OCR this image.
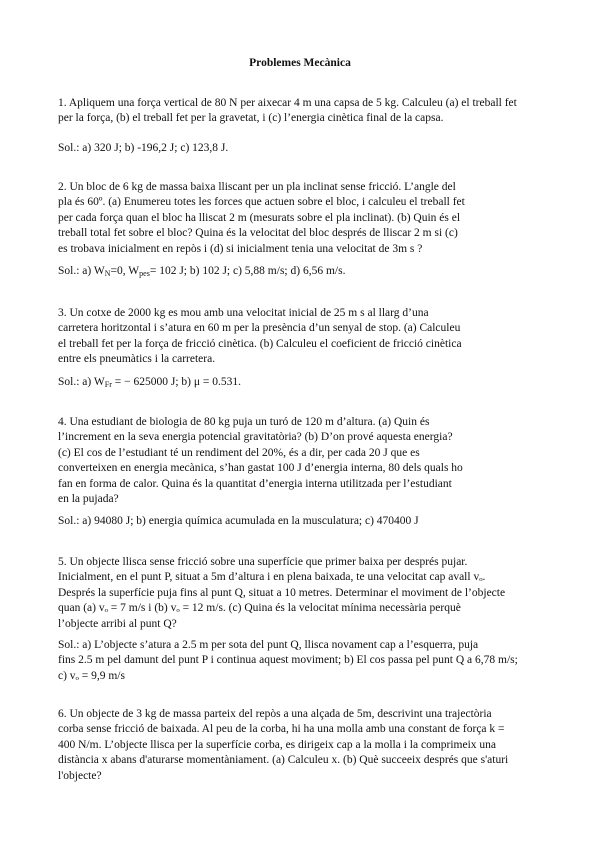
Problemes Mecànica
1. Apliquem una força vertical de 80 N per aixecar 4 m una capsa de 5 kg. Calculeu (a) el treball fet
per la força, (b) el treball fet per la gravetat, i (c) l’energia cinètica final de la capsa.
Sol.: a) 320 J; b) -196,2 J; c) 123,8 J.
2. Un bloc de 6 kg de massa baixa lliscant per un pla inclinat sense fricció. L’angle del
pla és 60º. (a) Enumereu totes les forces que actuen sobre el bloc, i calculeu el treball fet
per cada força quan el bloc ha lliscat 2 m (mesurats sobre el pla inclinat). (b) Quin és el
treball total fet sobre el bloc? Quina és la velocitat del bloc després de lliscar 2 m si (c)
es trobava inicialment en repòs i (d) si inicialment tenia una velocitat de 3m s ?
Sol.: a) $W_N=0$, $W_{pes}= 102$ J; b) 102 J; c) 5,88 m/s; d) 6,56 m/s.
3. Un cotxe de 2000 kg es mou amb una velocitat inicial de 25 m s al llarg d’una
carretera horitzontal i s’atura en 60 m per la presència d’un senyal de stop. (a) Calculeu
el treball fet per la força de fricció cinètica. (b) Calculeu el coeficient de fricció cinètica
entre els pneumàtics i la carretera.
Sol.: a) $W_{Fr}$ = − 625000 J; b) μ = 0.531.
4. Una estudiant de biologia de 80 kg puja un turó de 120 m d’altura. (a) Quin és
l’increment en la seva energia potencial gravitatòria? (b) D’on prové aquesta energia?
(c) El cos de l’estudiant té un rendiment del 20%, és a dir, per cada 20 J que es
converteixen en energia mecànica, s’han gastat 100 J d’energia interna, 80 dels quals ho
fan en forma de calor. Quina és la quantitat d’energia interna utilitzada per l’estudiant
en la pujada?
Sol.: a) 94080 J; b) energia química acumulada en la musculatura; c) 470400 J
5. Un objecte llisca sense fricció sobre una superfície que primer baixa per després pujar.
Inicialment, en el punt P, situat a 5m d’altura i en plena baixada, te una velocitat cap avall vₒ.
Després la superfície puja fins al punt Q, situat a 10 metres. Determinar el moviment de l’objecte
quan (a) vₒ = 7 m/s i (b) vₒ = 12 m/s. (c) Quina és la velocitat mínima necessària perquè
l’objecte arribi al punt Q?
Sol.: a) L’objecte s’atura a 2.5 m per sota del punt Q, llisca novament cap a l’esquerra, puja
fins 2.5 m pel damunt del punt P i continua aquest moviment; b) El cos passa pel punt Q a 6,78 m/s;
c) vₒ = 9,9 m/s
6. Un objecte de 3 kg de massa parteix del repòs a una alçada de 5m, descrivint una trajectòria
corba sense fricció de baixada. Al peu de la corba, hi ha una molla amb una constant de força k =
400 N/m. L’objecte llisca per la superfície corba, es dirigeix cap a la molla i la comprimeix una
distància x abans d'aturarse momentàniament. (a) Calculeu x. (b) Què succeeix després que s'aturi
l'objecte?
